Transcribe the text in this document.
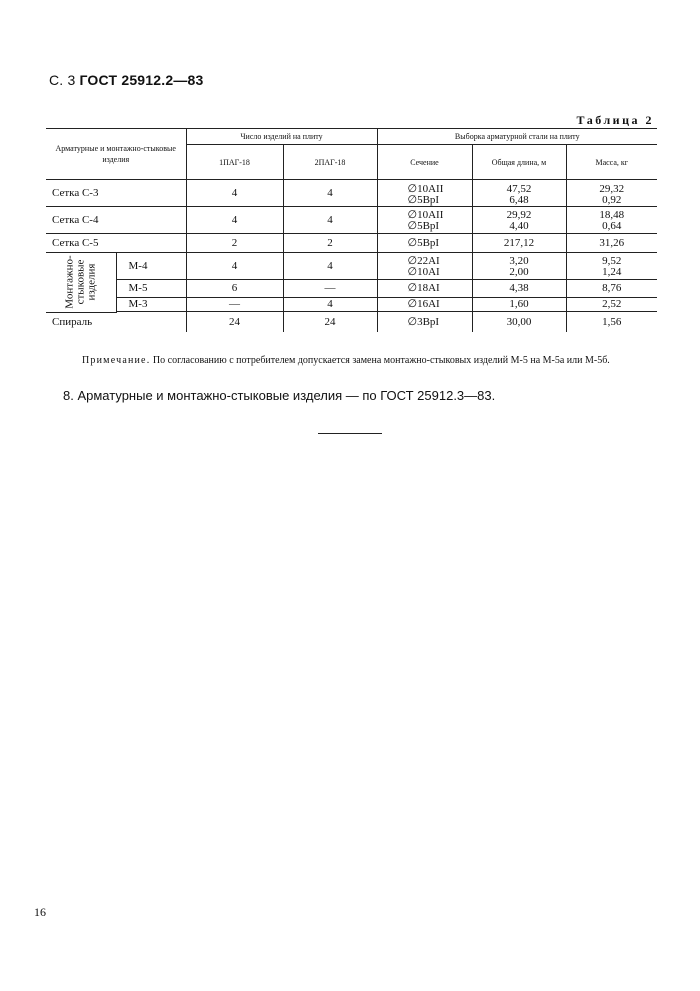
С. 3 ГОСТ 25912.2—83
Таблица 2
Арматурные и монтажно-стыковые изделия		Число изделий на плиту		Выборка арматурной стали на плиту		
		1ПАГ-18	2ПАГ-18	Сечение	Общая длина, м	Масса, кг
Сетка С-3		4	4	∅10AII	47,52	29,32
				∅5BpI	6,48	0,92
Сетка С-4		4	4	∅10AII	29,92	18,48
				∅5BpI	4,40	0,64
Сетка С-5		2	2	∅5BpI	217,12	31,26

Монтажно-стыковые изделия	М-4	4	4	∅22AI	3,20	9,52
				∅10AI	2,00	1,24
	М-5	6	—	∅18AI	4,38	8,76
	М-3	—	4	∅16AI	1,60	2,52

Спираль		24	24	∅3BpI	30,00	1,56
Примечание. По согласованию с потребителем допускается замена монтажно-стыковых изделий М-5 на М-5а или М-5б.
8. Арматурные и монтажно-стыковые изделия — по ГОСТ 25912.3—83.
16
